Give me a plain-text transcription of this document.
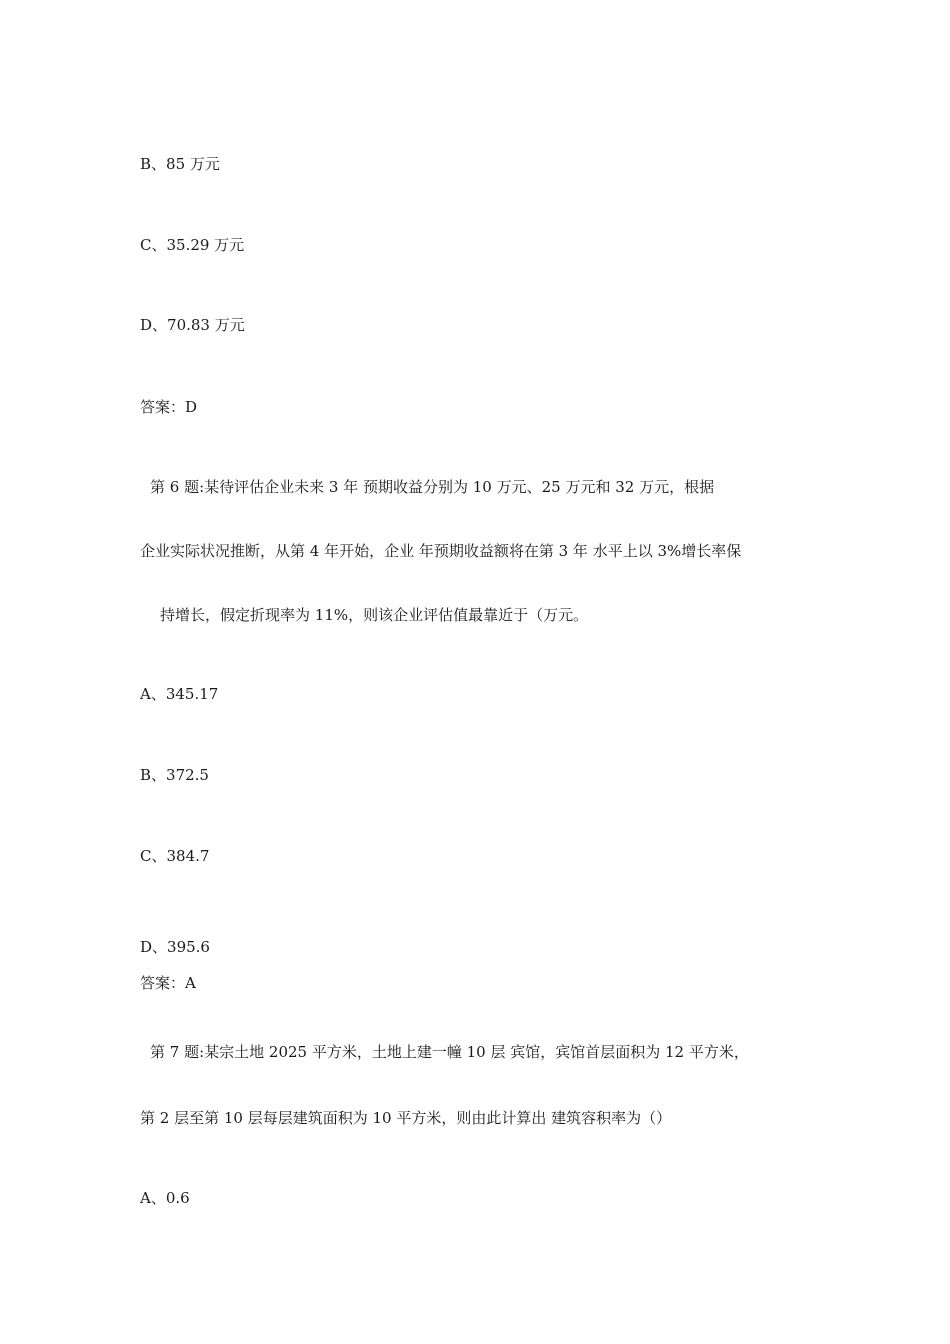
B、85 万元
C、35.29 万元
D、70.83 万元
答案：D
第 6 题:某待评估企业未来 3 年 预期收益分别为 10 万元、25 万元和 32 万元，根据
企业实际状况推断，从第 4 年开始，企业 年预期收益额将在第 3 年 水平上以 3%增长率保
持增长，假定折现率为 11%，则该企业评估值最靠近于（万元。
A、345.17
B、372.5
C、384.7
D、395.6
答案：A
第 7 题:某宗土地 2025 平方米，土地上建一幢 10 层 宾馆，宾馆首层面积为 12 平方米，
第 2 层至第 10 层每层建筑面积为 10 平方米，则由此计算出 建筑容积率为（）
A、0.6
